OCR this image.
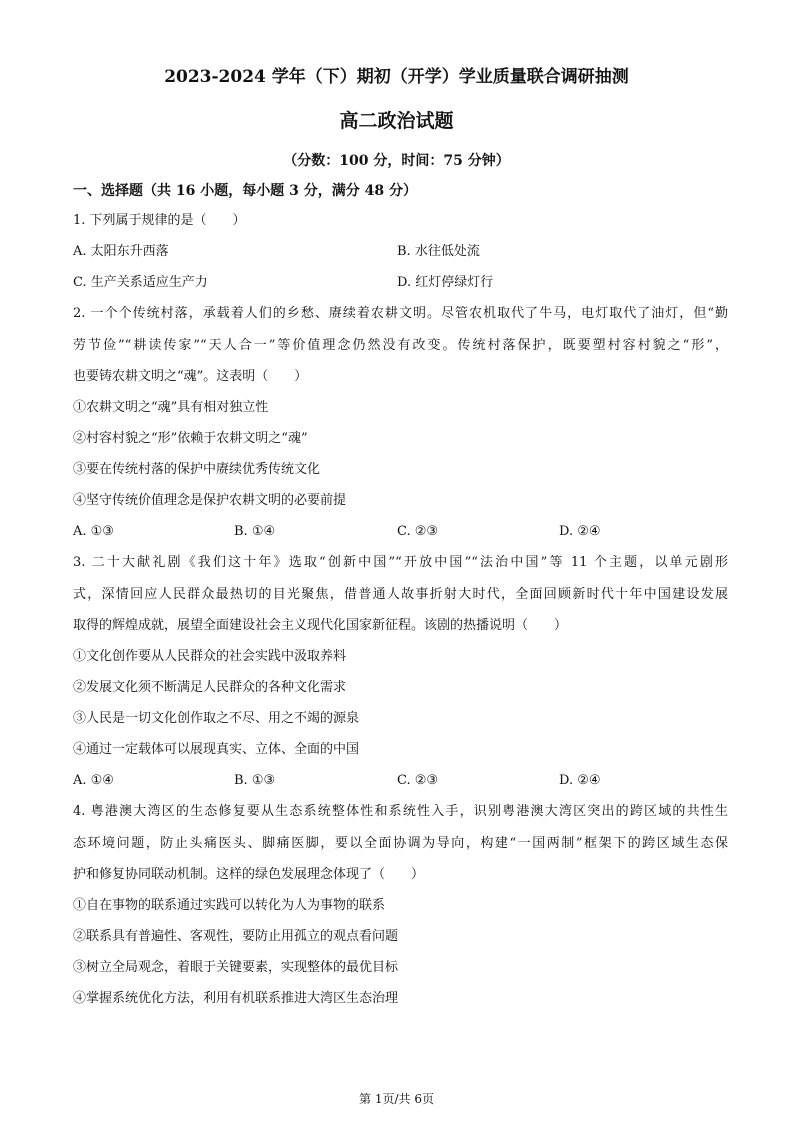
2023-2024 学年（下）期初（开学）学业质量联合调研抽测
高二政治试题
（分数：100 分，时间：75 分钟）
一、选择题（共 16 小题，每小题 3 分，满分 48 分）
1. 下列属于规律的是（　　）
A. 太阳东升西落	B. 水往低处流
C. 生产关系适应生产力	D. 红灯停绿灯行
2. 一个个传统村落，承载着人们的乡愁、赓续着农耕文明。尽管农机取代了牛马，电灯取代了油灯，但“勤
劳节俭”“耕读传家”“天人合一”等价值理念仍然没有改变。传统村落保护，既要塑村容村貌之“形”，
也要铸农耕文明之“魂”。这表明（　　）
①农耕文明之“魂”具有相对独立性
②村容村貌之“形”依赖于农耕文明之“魂”
③要在传统村落的保护中赓续优秀传统文化
④坚守传统价值理念是保护农耕文明的必要前提
A. ①③	B. ①④	C. ②③	D. ②④
3. 二十大献礼剧《我们这十年》选取“创新中国”“开放中国”“法治中国”等 11 个主题，以单元剧形
式，深情回应人民群众最热切的目光聚焦，借普通人故事折射大时代，全面回顾新时代十年中国建设发展
取得的辉煌成就，展望全面建设社会主义现代化国家新征程。该剧的热播说明（　　）
①文化创作要从人民群众的社会实践中汲取养料
②发展文化须不断满足人民群众的各种文化需求
③人民是一切文化创作取之不尽、用之不竭的源泉
④通过一定载体可以展现真实、立体、全面的中国
A. ①④	B. ①③	C. ②③	D. ②④
4. 粤港澳大湾区的生态修复要从生态系统整体性和系统性入手，识别粤港澳大湾区突出的跨区域的共性生
态环境问题，防止头痛医头、脚痛医脚，要以全面协调为导向，构建“一国两制”框架下的跨区域生态保
护和修复协同联动机制。这样的绿色发展理念体现了（　　）
①自在事物的联系通过实践可以转化为人为事物的联系
②联系具有普遍性、客观性，要防止用孤立的观点看问题
③树立全局观念，着眼于关键要素，实现整体的最优目标
④掌握系统优化方法，利用有机联系推进大湾区生态治理
第 1页/共 6页
